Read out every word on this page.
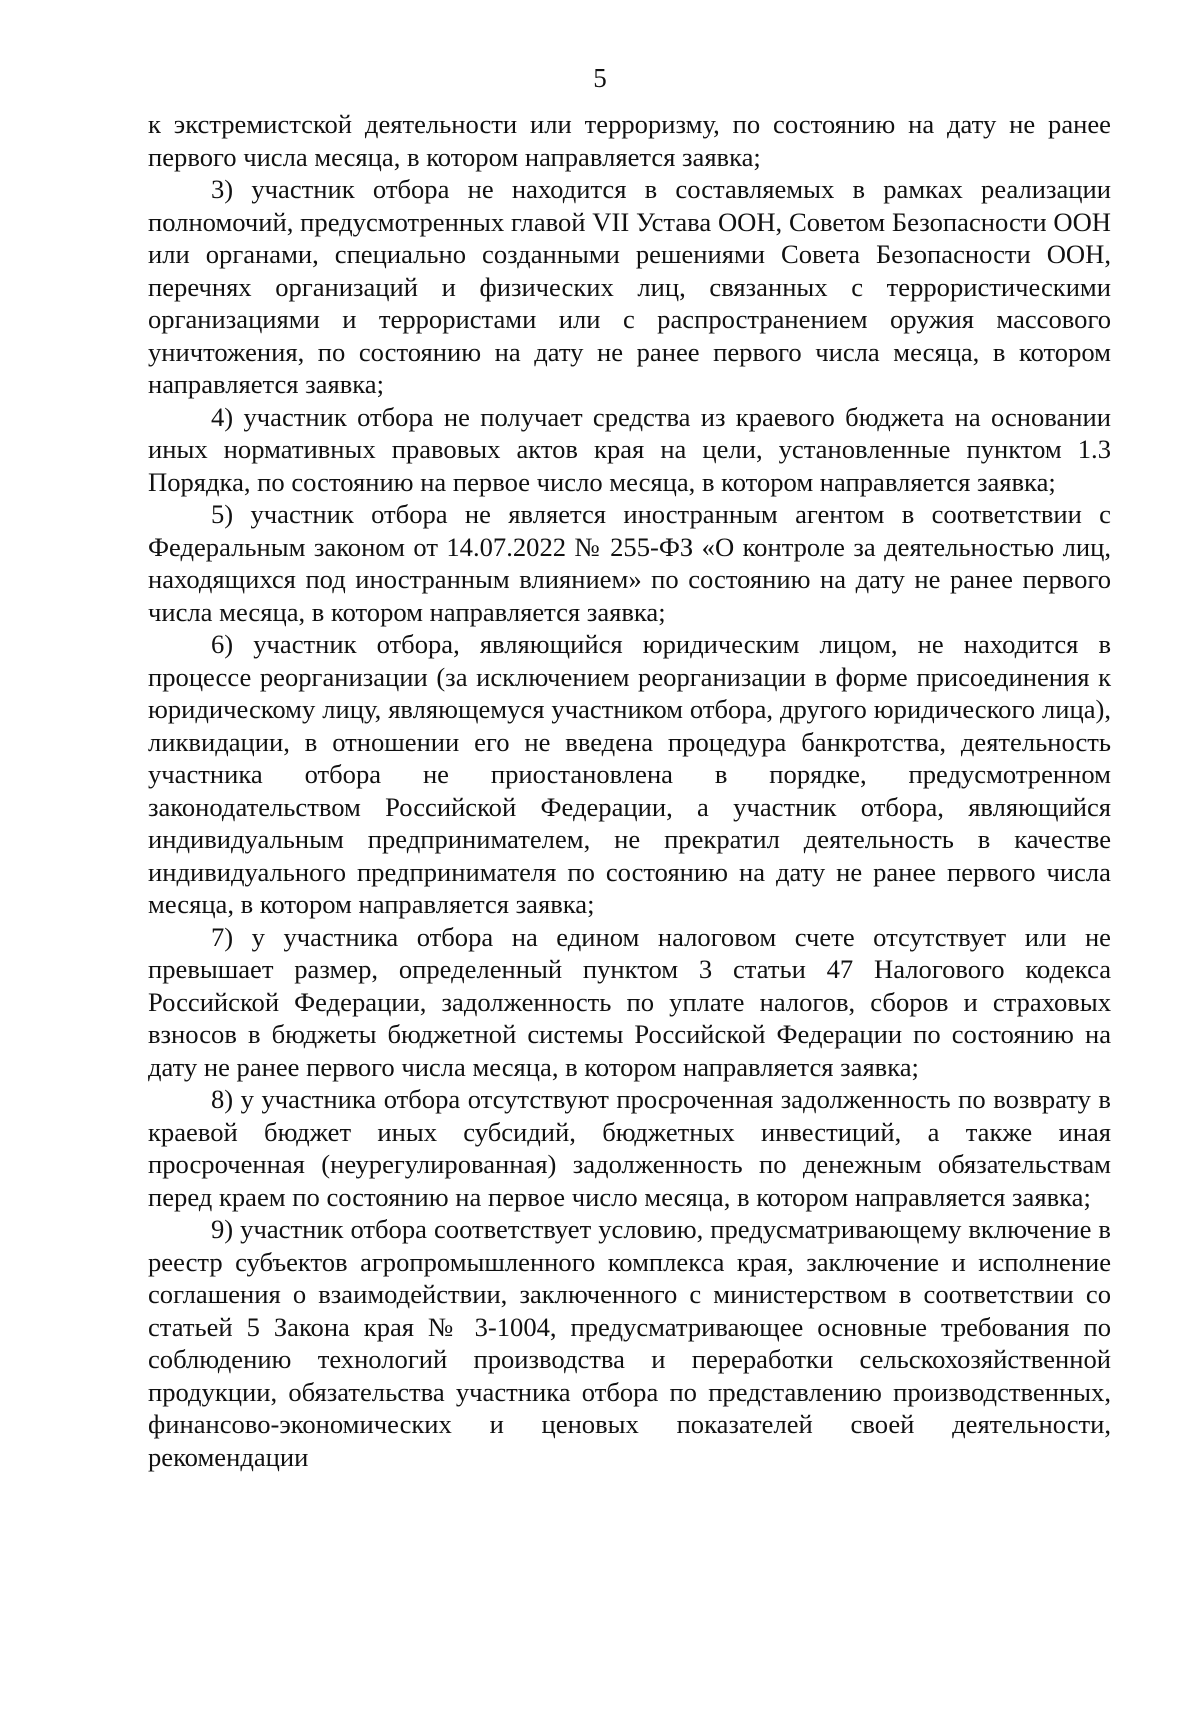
5

к экстремистской деятельности или терроризму, по состоянию на дату не ранее первого числа месяца, в котором направляется заявка;

3) участник отбора не находится в составляемых в рамках реализации полномочий, предусмотренных главой VII Устава ООН, Советом Безопасности ООН или органами, специально созданными решениями Совета Безопасности ООН, перечнях организаций и физических лиц, связанных с террористическими организациями и террористами или с распространением оружия массового уничтожения, по состоянию на дату не ранее первого числа месяца, в котором направляется заявка;

4) участник отбора не получает средства из краевого бюджета на основании иных нормативных правовых актов края на цели, установленные пунктом 1.3 Порядка, по состоянию на первое число месяца, в котором направляется заявка;

5) участник отбора не является иностранным агентом в соответствии с Федеральным законом от 14.07.2022 № 255-ФЗ «О контроле за деятельностью лиц, находящихся под иностранным влиянием» по состоянию на дату не ранее первого числа месяца, в котором направляется заявка;

6) участник отбора, являющийся юридическим лицом, не находится в процессе реорганизации (за исключением реорганизации в форме присоединения к юридическому лицу, являющемуся участником отбора, другого юридического лица), ликвидации, в отношении его не введена процедура банкротства, деятельность участника отбора не приостановлена в порядке, предусмотренном законодательством Российской Федерации, а участник отбора, являющийся индивидуальным предпринимателем, не прекратил деятельность в качестве индивидуального предпринимателя по состоянию на дату не ранее первого числа месяца, в котором направляется заявка;

7) у участника отбора на едином налоговом счете отсутствует или не превышает размер, определенный пунктом 3 статьи 47 Налогового кодекса Российской Федерации, задолженность по уплате налогов, сборов и страховых взносов в бюджеты бюджетной системы Российской Федерации по состоянию на дату не ранее первого числа месяца, в котором направляется заявка;

8) у участника отбора отсутствуют просроченная задолженность по возврату в краевой бюджет иных субсидий, бюджетных инвестиций, а также иная просроченная (неурегулированная) задолженность по денежным обязательствам перед краем по состоянию на первое число месяца, в котором направляется заявка;

9) участник отбора соответствует условию, предусматривающему включение в реестр субъектов агропромышленного комплекса края, заключение и исполнение соглашения о взаимодействии, заключенного с министерством в соответствии со статьей 5 Закона края № 3-1004, предусматривающее основные требования по соблюдению технологий производства и переработки сельскохозяйственной продукции, обязательства участника отбора по представлению производственных, финансово-экономических и ценовых показателей своей деятельности, рекомендации
